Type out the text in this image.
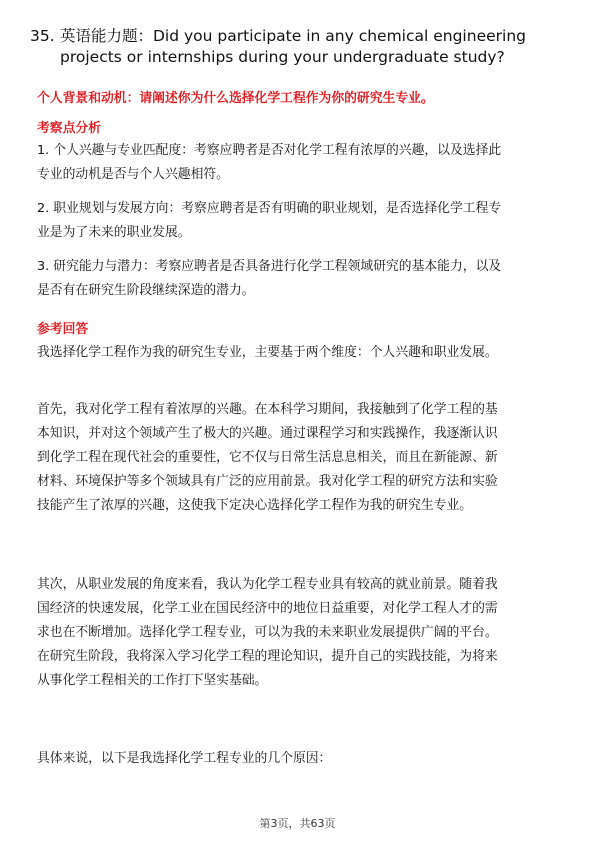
35. 英语能力题：Did you participate in any chemical engineering
projects or internships during your undergraduate study?
个人背景和动机：请阐述你为什么选择化学工程作为你的研究生专业。
考察点分析
1. 个人兴趣与专业匹配度：考察应聘者是否对化学工程有浓厚的兴趣，以及选择此
专业的动机是否与个人兴趣相符。
2. 职业规划与发展方向：考察应聘者是否有明确的职业规划，是否选择化学工程专
业是为了未来的职业发展。
3. 研究能力与潜力：考察应聘者是否具备进行化学工程领域研究的基本能力，以及
是否有在研究生阶段继续深造的潜力。
参考回答
我选择化学工程作为我的研究生专业，主要基于两个维度：个人兴趣和职业发展。
首先，我对化学工程有着浓厚的兴趣。在本科学习期间，我接触到了化学工程的基
本知识，并对这个领域产生了极大的兴趣。通过课程学习和实践操作，我逐渐认识
到化学工程在现代社会的重要性，它不仅与日常生活息息相关，而且在新能源、新
材料、环境保护等多个领域具有广泛的应用前景。我对化学工程的研究方法和实验
技能产生了浓厚的兴趣，这使我下定决心选择化学工程作为我的研究生专业。
其次，从职业发展的角度来看，我认为化学工程专业具有较高的就业前景。随着我
国经济的快速发展，化学工业在国民经济中的地位日益重要，对化学工程人才的需
求也在不断增加。选择化学工程专业，可以为我的未来职业发展提供广阔的平台。
在研究生阶段，我将深入学习化学工程的理论知识，提升自己的实践技能，为将来
从事化学工程相关的工作打下坚实基础。
具体来说，以下是我选择化学工程专业的几个原因：
第3页，共63页
